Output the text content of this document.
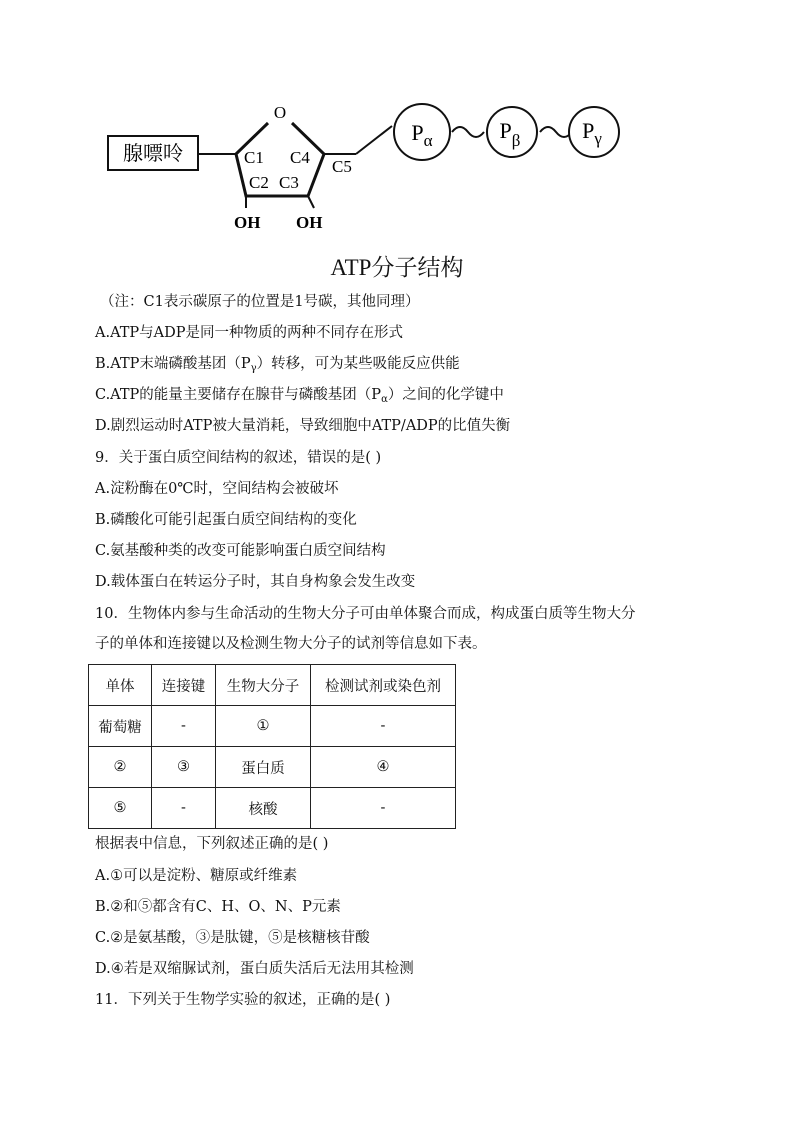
腺嘌呤
O
C1 C4
C2 C3
OH OH
C5
$P_\alpha$	$P_\beta$	$P_\gamma$
ATP分子结构
（注：C1表示碳原子的位置是1号碳，其他同理）
A.ATP与ADP是同一种物质的两种不同存在形式
B.ATP末端磷酸基团$(P_\gamma)$转移，可为某些吸能反应供能
C.ATP的能量主要储存在腺苷与磷酸基团$(P_\alpha)$之间的化学键中
D.剧烈运动时ATP被大量消耗，导致细胞中ATP/ADP的比值失衡
9．关于蛋白质空间结构的叙述，错误的是( )
A.淀粉酶在0℃时，空间结构会被破坏
B.磷酸化可能引起蛋白质空间结构的变化
C.氨基酸种类的改变可能影响蛋白质空间结构
D.载体蛋白在转运分子时，其自身构象会发生改变
10．生物体内参与生命活动的生物大分子可由单体聚合而成，构成蛋白质等生物大分
子的单体和连接键以及检测生物大分子的试剂等信息如下表。
单体	连接键	生物大分子	检测试剂或染色剂
葡萄糖	-	①	-
②	③	蛋白质	④
⑤	-	核酸	-
根据表中信息，下列叙述正确的是( )
A.①可以是淀粉、糖原或纤维素
B.②和⑤都含有C、H、O、N、P元素
C.②是氨基酸，③是肽键，⑤是核糖核苷酸
D.④若是双缩脲试剂，蛋白质失活后无法用其检测
11．下列关于生物学实验的叙述，正确的是( )
